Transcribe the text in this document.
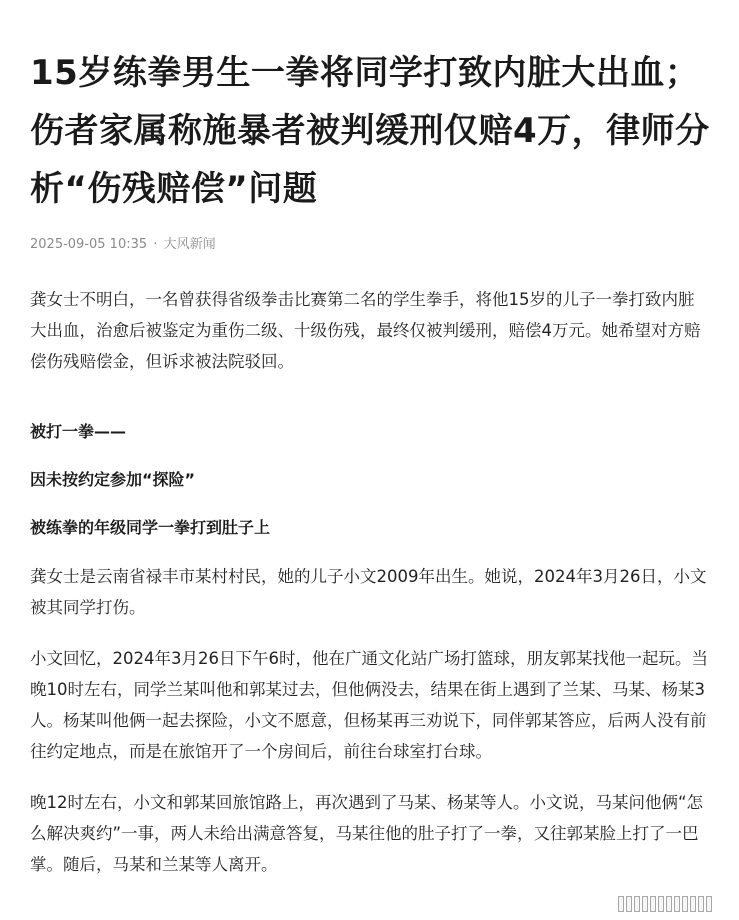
15岁练拳男生一拳将同学打致内脏大出血；伤者家属称施暴者被判缓刑仅赔4万，律师分析“伤残赔偿”问题
2025-09-05 10:35 · 大风新闻

龚女士不明白，一名曾获得省级拳击比赛第二名的学生拳手，将他15岁的儿子一拳打致内脏大出血，治愈后被鉴定为重伤二级、十级伤残，最终仅被判缓刑，赔偿4万元。她希望对方赔偿伤残赔偿金，但诉求被法院驳回。

被打一拳——

因未按约定参加“探险”

被练拳的年级同学一拳打到肚子上

龚女士是云南省禄丰市某村村民，她的儿子小文2009年出生。她说，2024年3月26日，小文被其同学打伤。

小文回忆，2024年3月26日下午6时，他在广通文化站广场打篮球，朋友郭某找他一起玩。当晚10时左右，同学兰某叫他和郭某过去，但他俩没去，结果在街上遇到了兰某、马某、杨某3人。杨某叫他俩一起去探险，小文不愿意，但杨某再三劝说下，同伴郭某答应，后两人没有前往约定地点，而是在旅馆开了一个房间后，前往台球室打台球。

晚12时左右，小文和郭某回旅馆路上，再次遇到了马某、杨某等人。小文说，马某问他俩“怎么解决爽约”一事，两人未给出满意答复，马某往他的肚子打了一拳，又往郭某脸上打了一巴掌。随后，马某和兰某等人离开。
